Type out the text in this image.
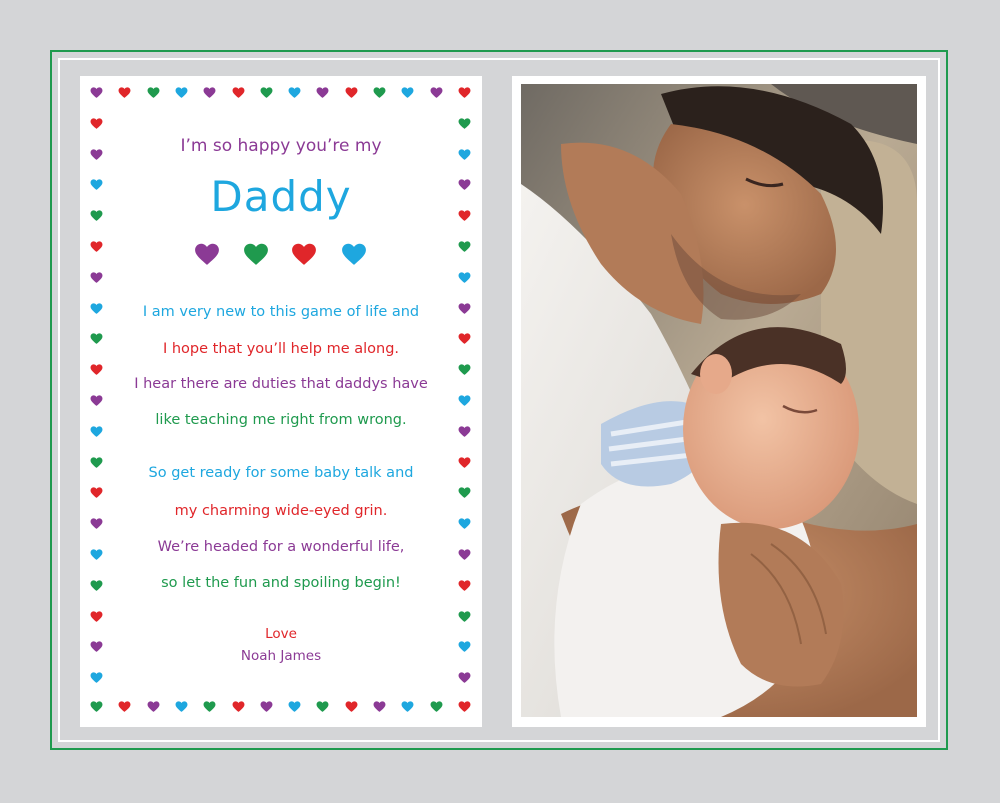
I’m so happy you’re my
Daddy
I am very new to this game of life and
I hope that you’ll help me along.
I hear there are duties that daddys have
like teaching me right from wrong.
So get ready for some baby talk and
my charming wide-eyed grin.
We’re headed for a wonderful life,
so let the fun and spoiling begin!
Love
Noah James
